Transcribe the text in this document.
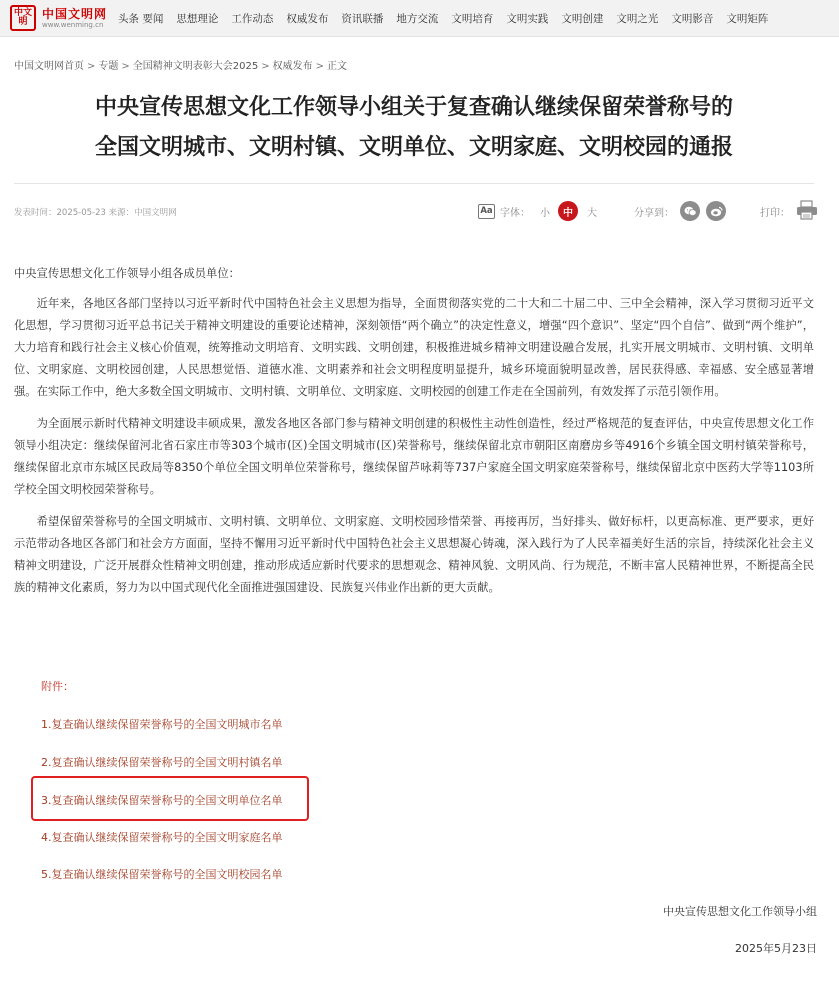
中文明
中国文明网
www.wenming.cn	头条 要闻 思想理论 工作动态 权威发布 资讯联播 地方交流 文明培育 文明实践 文明创建 文明之光 文明影音 文明矩阵
中国文明网首页 > 专题 > 全国精神文明表彰大会2025 > 权威发布 > 正文
中央宣传思想文化工作领导小组关于复查确认继续保留荣誉称号的
全国文明城市、文明村镇、文明单位、文明家庭、文明校园的通报
发表时间：2025-05-23 来源：中国文明网	Aa 字体： 小	中	大	分享到：	打印：

中央宣传思想文化工作领导小组各成员单位：

近年来，各地区各部门坚持以习近平新时代中国特色社会主义思想为指导，全面贯彻落实党的二十大和二十届二中、三中全会精神，深入学习贯彻习近平文化思想，学习贯彻习近平总书记关于精神文明建设的重要论述精神，深刻领悟“两个确立”的决定性意义，增强“四个意识”、坚定“四个自信”、做到“两个维护”，大力培育和践行社会主义核心价值观，统筹推动文明培育、文明实践、文明创建，积极推进城乡精神文明建设融合发展，扎实开展文明城市、文明村镇、文明单位、文明家庭、文明校园创建，人民思想觉悟、道德水准、文明素养和社会文明程度明显提升，城乡环境面貌明显改善，居民获得感、幸福感、安全感显著增强。在实际工作中，绝大多数全国文明城市、文明村镇、文明单位、文明家庭、文明校园的创建工作走在全国前列，有效发挥了示范引领作用。

为全面展示新时代精神文明建设丰硕成果，激发各地区各部门参与精神文明创建的积极性主动性创造性，经过严格规范的复查评估，中央宣传思想文化工作领导小组决定：继续保留河北省石家庄市等303个城市(区)全国文明城市(区)荣誉称号，继续保留北京市朝阳区南磨房乡等4916个乡镇全国文明村镇荣誉称号，继续保留北京市东城区民政局等8350个单位全国文明单位荣誉称号，继续保留芦咏莉等737户家庭全国文明家庭荣誉称号，继续保留北京中医药大学等1103所学校全国文明校园荣誉称号。

希望保留荣誉称号的全国文明城市、文明村镇、文明单位、文明家庭、文明校园珍惜荣誉、再接再厉，当好排头、做好标杆，以更高标准、更严要求，更好示范带动各地区各部门和社会方方面面，坚持不懈用习近平新时代中国特色社会主义思想凝心铸魂，深入践行为了人民幸福美好生活的宗旨，持续深化社会主义精神文明建设，广泛开展群众性精神文明创建，推动形成适应新时代要求的思想观念、精神风貌、文明风尚、行为规范，不断丰富人民精神世界，不断提高全民族的精神文化素质，努力为以中国式现代化全面推进强国建设、民族复兴伟业作出新的更大贡献。

附件：
1.复查确认继续保留荣誉称号的全国文明城市名单
2.复查确认继续保留荣誉称号的全国文明村镇名单
3.复查确认继续保留荣誉称号的全国文明单位名单
4.复查确认继续保留荣誉称号的全国文明家庭名单
5.复查确认继续保留荣誉称号的全国文明校园名单
中央宣传思想文化工作领导小组
2025年5月23日
